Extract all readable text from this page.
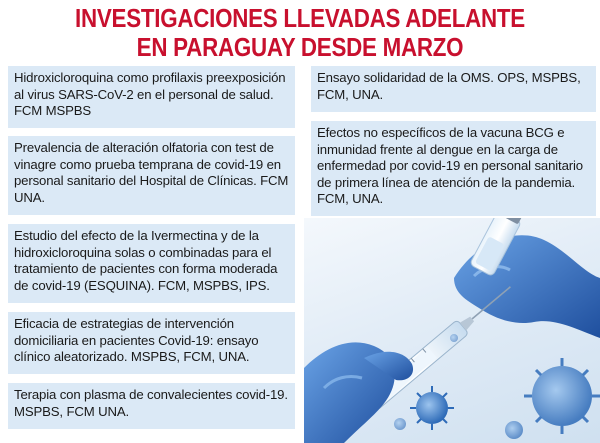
INVESTIGACIONES LLEVADAS ADELANTE
EN PARAGUAY DESDE MARZO
Hidroxicloroquina como profilaxis preexposición al virus SARS-CoV-2 en el personal de salud. FCM MSPBS
Prevalencia de alteración olfatoria con test de vinagre como prueba temprana de covid-19 en personal sanitario del Hospital de Clínicas. FCM UNA.
Estudio del efecto de la Ivermectina y de la hidroxicloroquina solas o combinadas para el tratamiento de pacientes con forma moderada de covid-19 (ESQUINA). FCM, MSPBS, IPS.
Eficacia de estrategias de intervención domiciliaria en pacientes Covid-19: ensayo clínico aleatorizado. MSPBS, FCM, UNA.
Terapia con plasma de convalecientes covid-19. MSPBS, FCM UNA.
Ensayo solidaridad de la OMS. OPS, MSPBS, FCM, UNA.
Efectos no específicos de la vacuna BCG e inmunidad frente al dengue en la carga de enfermedad por covid-19 en personal sanitario de primera línea de atención de la pandemia. FCM, UNA.
